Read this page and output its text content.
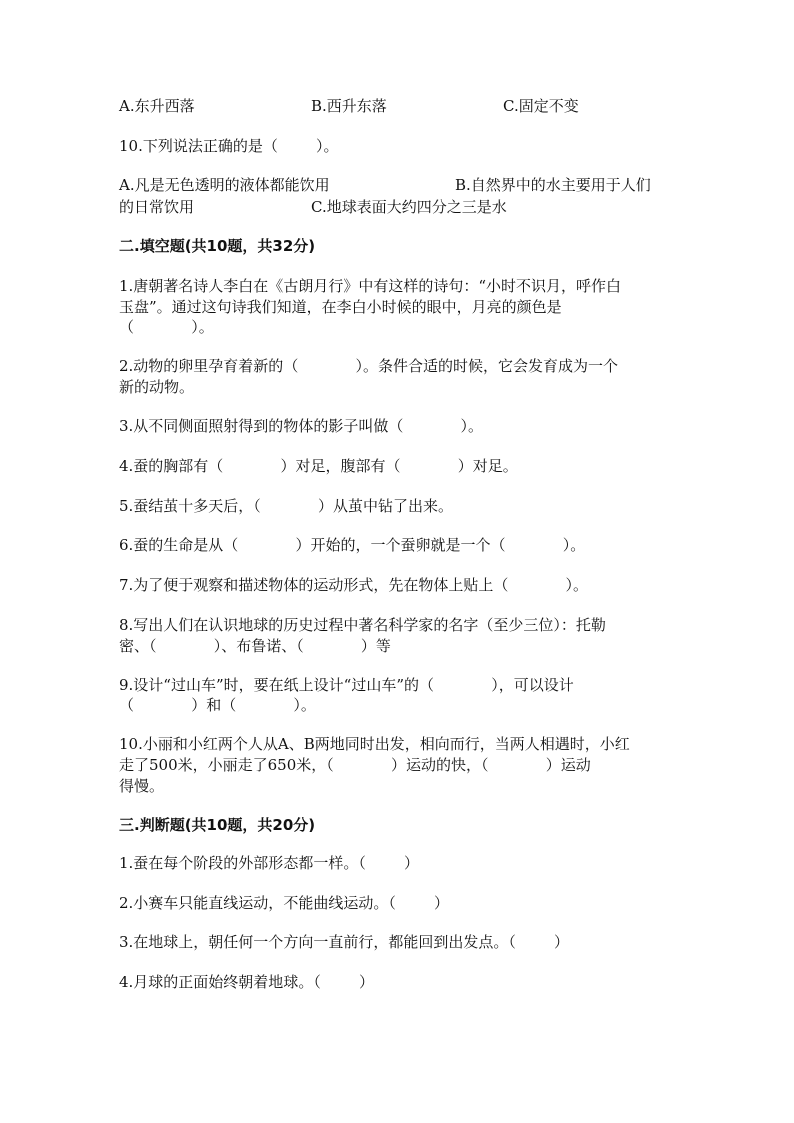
A.东升西落	B.西升东落	C.固定不变
10.下列说法正确的是（        ）。
A.凡是无色透明的液体都能饮用	B.自然界中的水主要用于人们
的日常饮用	C.地球表面大约四分之三是水
二.填空题(共10题，共32分)
1.唐朝著名诗人李白在《古朗月行》中有这样的诗句：“小时不识月，呼作白
玉盘”。通过这句诗我们知道，在李白小时候的眼中，月亮的颜色是
（            ）。
2.动物的卵里孕育着新的（            ）。条件合适的时候，它会发育成为一个
新的动物。
3.从不同侧面照射得到的物体的影子叫做（            ）。
4.蚕的胸部有（            ）对足，腹部有（            ）对足。
5.蚕结茧十多天后，（            ）从茧中钻了出来。
6.蚕的生命是从（            ）开始的，一个蚕卵就是一个（            ）。
7.为了便于观察和描述物体的运动形式，先在物体上贴上（            ）。
8.写出人们在认识地球的历史过程中著名科学家的名字（至少三位）：托勒
密、（            ）、布鲁诺、（            ）等
9.设计“过山车”时，要在纸上设计“过山车”的（            ），可以设计
（            ）和（            ）。
10.小丽和小红两个人从A、B两地同时出发，相向而行，当两人相遇时，小红
走了500米，小丽走了650米，（            ）运动的快，（            ）运动
得慢。
三.判断题(共10题，共20分)
1.蚕在每个阶段的外部形态都一样。（        ）
2.小赛车只能直线运动，不能曲线运动。（        ）
3.在地球上，朝任何一个方向一直前行，都能回到出发点。（        ）
4.月球的正面始终朝着地球。（        ）
